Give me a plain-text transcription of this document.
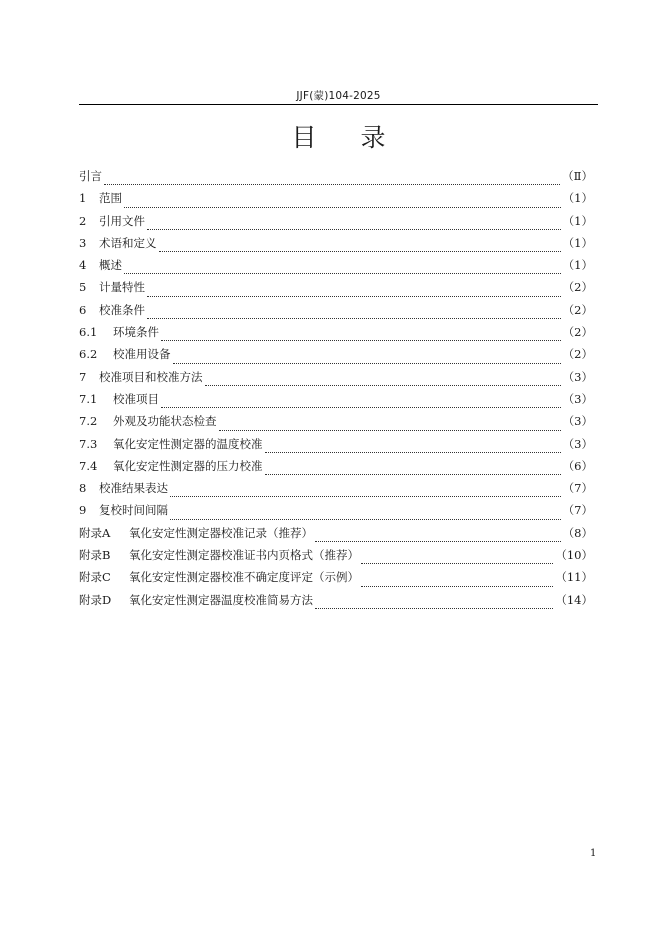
JJF(蒙)104-2025
目录
引言	（Ⅱ）
1	范围	（1）
2	引用文件	（1）
3	术语和定义	（1）
4	概述	（1）
5	计量特性	（2）
6	校准条件	（2）
6.1	环境条件	（2）
6.2	校准用设备	（2）
7	校准项目和校准方法	（3）
7.1	校准项目	（3）
7.2	外观及功能状态检查	（3）
7.3	氧化安定性测定器的温度校准	（3）
7.4	氧化安定性测定器的压力校准	（6）
8	校准结果表达	（7）
9	复校时间间隔	（7）
附录A	氧化安定性测定器校准记录（推荐）	（8）
附录B	氧化安定性测定器校准证书内页格式（推荐）	（10）
附录C	氧化安定性测定器校准不确定度评定（示例）	（11）
附录D	氧化安定性测定器温度校准简易方法	（14）
1
